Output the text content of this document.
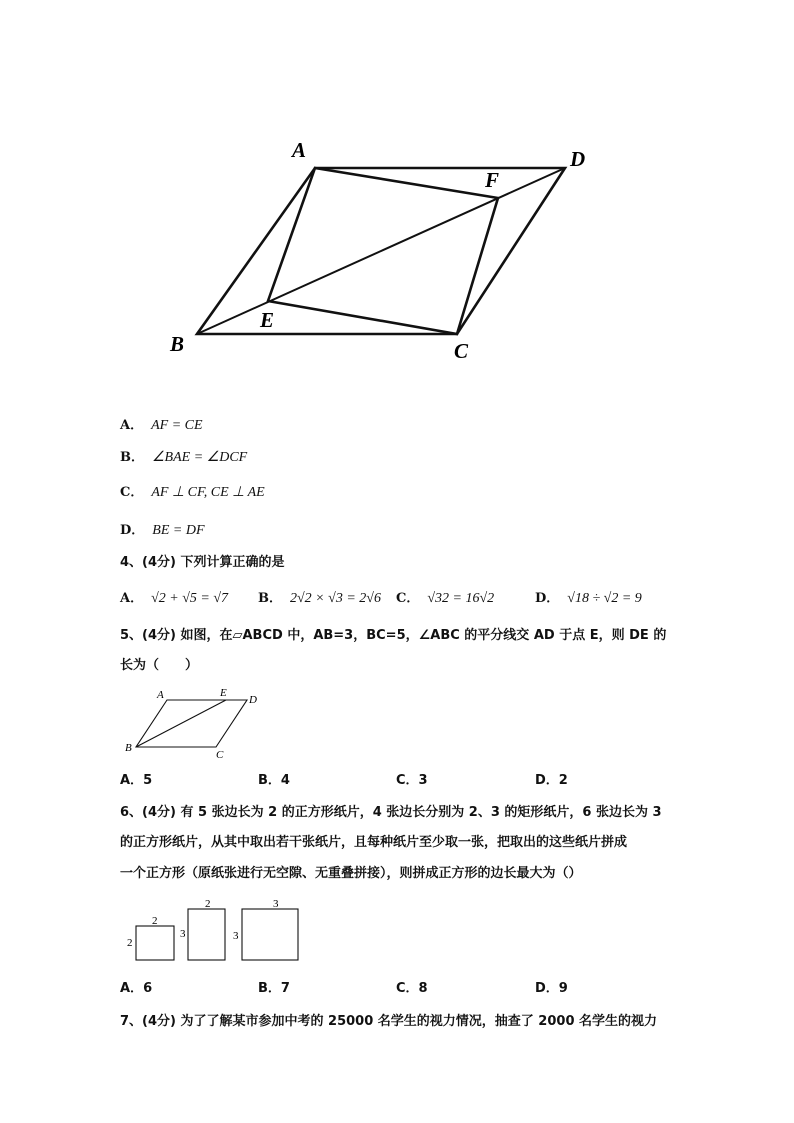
A	D
F
E
B	C
A． AF = CE
B． ∠BAE = ∠DCF
C． AF ⊥ CF, CE ⊥ AE
D． BE = DF
4、(4分) 下列计算正确的是
A． √2 + √5 = √7 B． 2√2 × √3 = 2√6 C． √32 = 16√2	D． √18 ÷ √2 = 9
5、(4分) 如图，在▱ABCD 中，AB=3，BC=5，∠ABC 的平分线交 AD 于点 E，则 DE 的
长为（　　）
A	E
D
B
C
A．5	B．4	C．3	D．2
6、(4分) 有 5 张边长为 2 的正方形纸片，4 张边长分别为 2、3 的矩形纸片，6 张边长为 3
的正方形纸片，从其中取出若干张纸片，且每种纸片至少取一张，把取出的这些纸片拼成
一个正方形（原纸张进行无空隙、无重叠拼接），则拼成正方形的边长最大为（）
2
2
2
3
3
3
A．6	B．7	C．8	D．9
7、(4分) 为了了解某市参加中考的 25000 名学生的视力情况，抽查了 2000 名学生的视力
